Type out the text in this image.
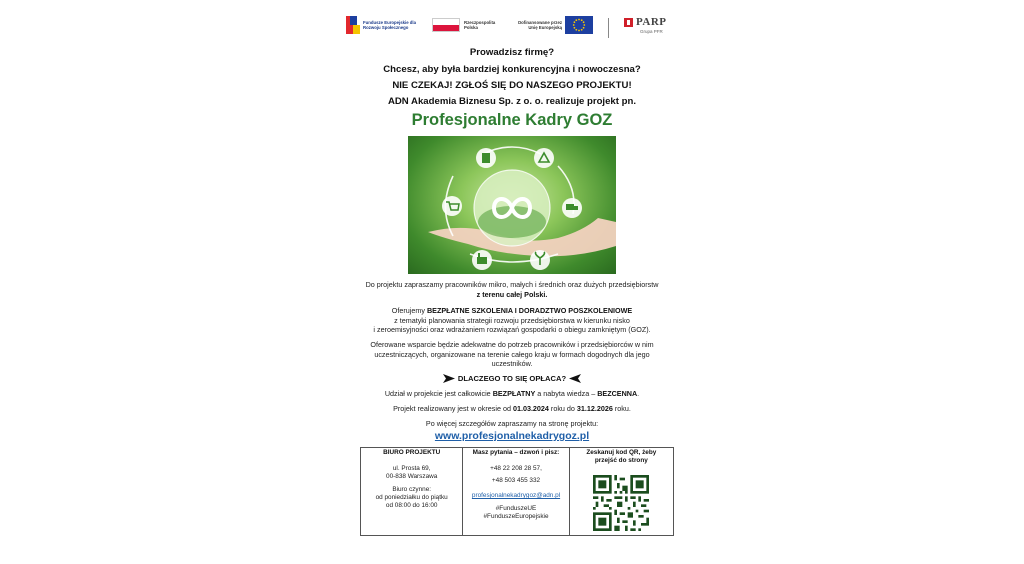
Fundusze Europejskie dla Rozwoju Społecznego
Rzeczpospolita Polska
Dofinansowane przez Unię Europejską	PARP
Grupa PFR
Prowadzisz firmę?
Chcesz, aby była bardziej konkurencyjna i nowoczesna?
NIE CZEKAJ! ZGŁOŚ SIĘ DO NASZEGO PROJEKTU!
ADN Akademia Biznesu Sp. z o. o. realizuje projekt pn.
Profesjonalne Kadry GOZ
Do projektu zapraszamy pracowników mikro, małych i średnich oraz dużych przedsiębiorstw
z terenu całej Polski.
Oferujemy BEZPŁATNE SZKOLENIA I DORADZTWO POSZKOLENIOWE
z tematyki planowania strategii rozwoju przedsiębiorstwa w kierunku nisko
i zeroemisyjności oraz wdrażaniem rozwiązań gospodarki o obiegu zamkniętym (GOZ).
Oferowane wsparcie będzie adekwatne do potrzeb pracowników i przedsiębiorców w nim
uczestniczących, organizowane na terenie całego kraju w formach dogodnych dla jego
uczestników.
DLACZEGO TO SIĘ OPŁACA?
Udział w projekcie jest całkowicie BEZPŁATNY a nabyta wiedza – BEZCENNA.
Projekt realizowany jest w okresie od 01.03.2024 roku do 31.12.2026 roku.
Po więcej szczegółów zapraszamy na stronę projektu:
www.profesjonalnekadrygoz.pl
BIURO PROJEKTU
ul. Prosta 69,
00-838 Warszawa
Biuro czynne:
od poniedziałku do piątku
od 08:00 do 16:00
Masz pytania – dzwoń i pisz:
+48 22 208 28 57,
+48 503 455 332
profesjonalnekadrygoz@adn.pl
#FunduszeUE
#FunduszeEuropejskie
Zeskanuj kod QR, żeby
przejść do strony
